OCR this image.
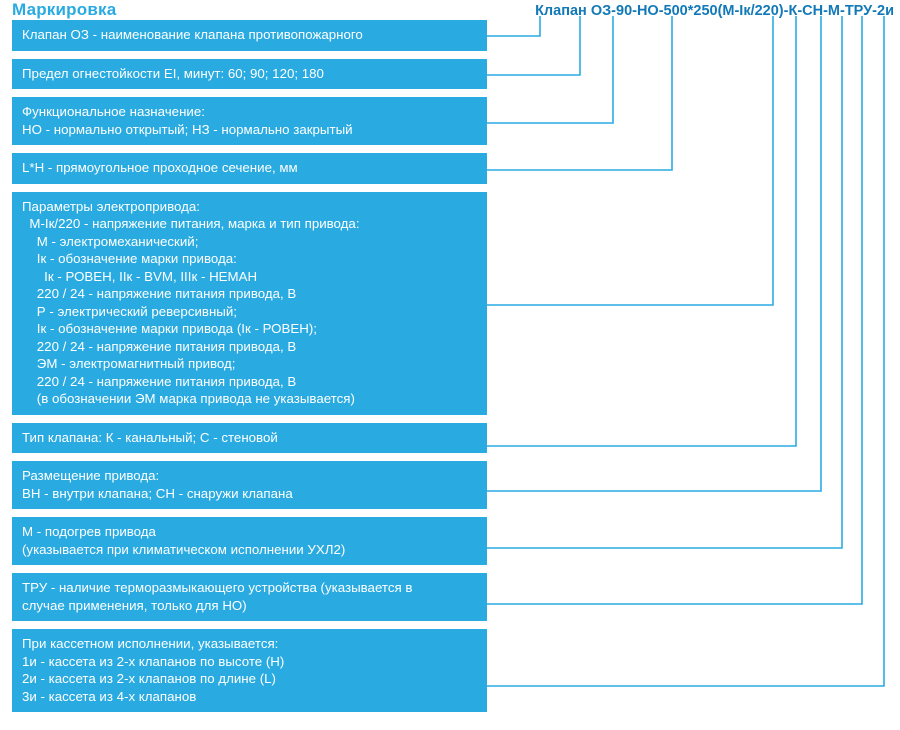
Маркировка	Клапан ОЗ-90-НО-500*250(М-Iк/220)-К-СН-М-ТРУ-2и
Клапан ОЗ - наименование клапана противопожарного
Предел огнестойкости EI, минут: 60; 90; 120; 180
Функциональное назначение:
НО - нормально открытый; НЗ - нормально закрытый
L*H - прямоугольное проходное сечение, мм
Параметры электропривода:
М-Iк/220 - напряжение питания, марка и тип привода:
М - электромеханический;
Iк - обозначение марки привода:
Iк - РОВЕН, IIк - BVM, IIIк - НЕМАН
220 / 24 - напряжение питания привода, В
Р - электрический реверсивный;
Iк - обозначение марки привода (Iк - РОВЕН);
220 / 24 - напряжение питания привода, В
ЭМ - электромагнитный привод;
220 / 24 - напряжение питания привода, В
(в обозначении ЭМ марка привода не указывается)
Тип клапана: К - канальный; С - стеновой
Размещение привода:
ВН - внутри клапана; СН - снаружи клапана
М - подогрев привода
(указывается при климатическом исполнении УХЛ2)
ТРУ - наличие терморазмыкающего устройства (указывается в
случае применения, только для НО)
При кассетном исполнении, указывается:
1и - кассета из 2-х клапанов по высоте (H)
2и - кассета из 2-х клапанов по длине (L)
3и - кассета из 4-х клапанов
